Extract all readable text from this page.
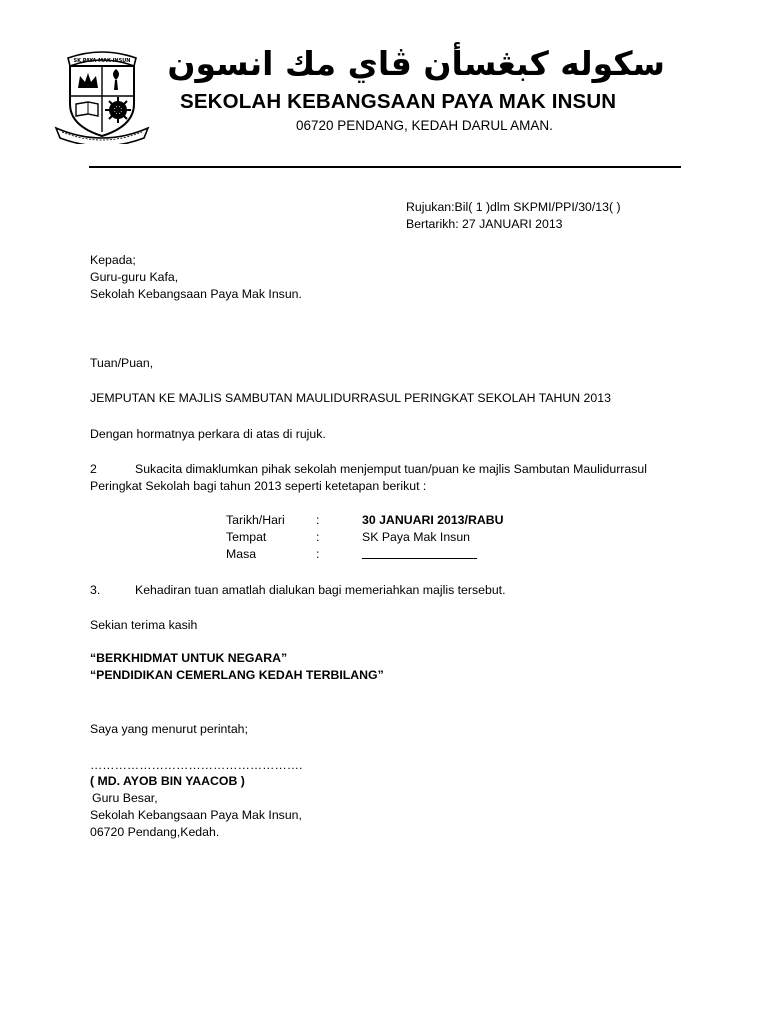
SK PAYA MAK INSUN سکوله کبڠسأن ڤاي مك انسون
SEKOLAH KEBANGSAAN PAYA MAK INSUN
06720 PENDANG, KEDAH DARUL AMAN.
Rujukan:Bil( 1 )dlm SKPMI/PPI/30/13( )
Bertarikh: 27 JANUARI 2013
Kepada;
Guru-guru Kafa,
Sekolah Kebangsaan Paya Mak Insun.
Tuan/Puan,
JEMPUTAN KE MAJLIS SAMBUTAN MAULIDURRASUL PERINGKAT SEKOLAH TAHUN 2013
Dengan hormatnya perkara di atas di rujuk.
2	Sukacita dimaklumkan pihak sekolah menjemput tuan/puan ke majlis Sambutan Maulidurrasul
Peringkat Sekolah bagi tahun 2013 seperti ketetapan berikut :
Tarikh/Hari	:	30 JANUARI 2013/RABU
Tempat	:	SK Paya Mak Insun
Masa	:
3.	Kehadiran tuan amatlah dialukan bagi memeriahkan majlis tersebut.
Sekian terima kasih
“BERKHIDMAT UNTUK NEGARA”
“PENDIDIKAN CEMERLANG KEDAH TERBILANG”
Saya yang menurut perintah;
…………………………………………….
( MD. AYOB BIN YAACOB )
Guru Besar,
Sekolah Kebangsaan Paya Mak Insun,
06720 Pendang,Kedah.
